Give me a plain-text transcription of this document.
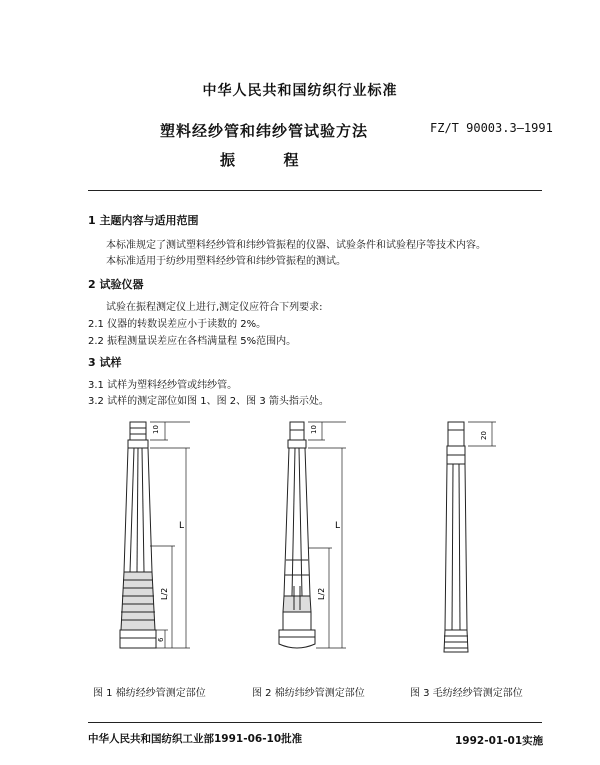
中华人民共和国纺织行业标准
塑料经纱管和纬纱管试验方法
振	程
FZ/T 90003.3—1991
1 主题内容与适用范围
本标准规定了测试塑料经纱管和纬纱管振程的仪器、试验条件和试验程序等技术内容。
本标准适用于纺纱用塑料经纱管和纬纱管振程的测试。
2 试验仪器
试验在振程测定仪上进行,测定仪应符合下列要求:
2.1 仪器的转数误差应小于读数的 2%。
2.2 振程测量误差应在各档满量程 5%范围内。
3 试样
3.1 试样为塑料经纱管或纬纱管。
3.2 试样的测定部位如图 1、图 2、图 3 箭头指示处。
10
L
L/2
6
10
L
L/2
20
图 1 棉纺经纱管测定部位	图 2 棉纺纬纱管测定部位	图 3 毛纺经纱管测定部位
中华人民共和国纺织工业部1991-06-10批准	1992-01-01实施
